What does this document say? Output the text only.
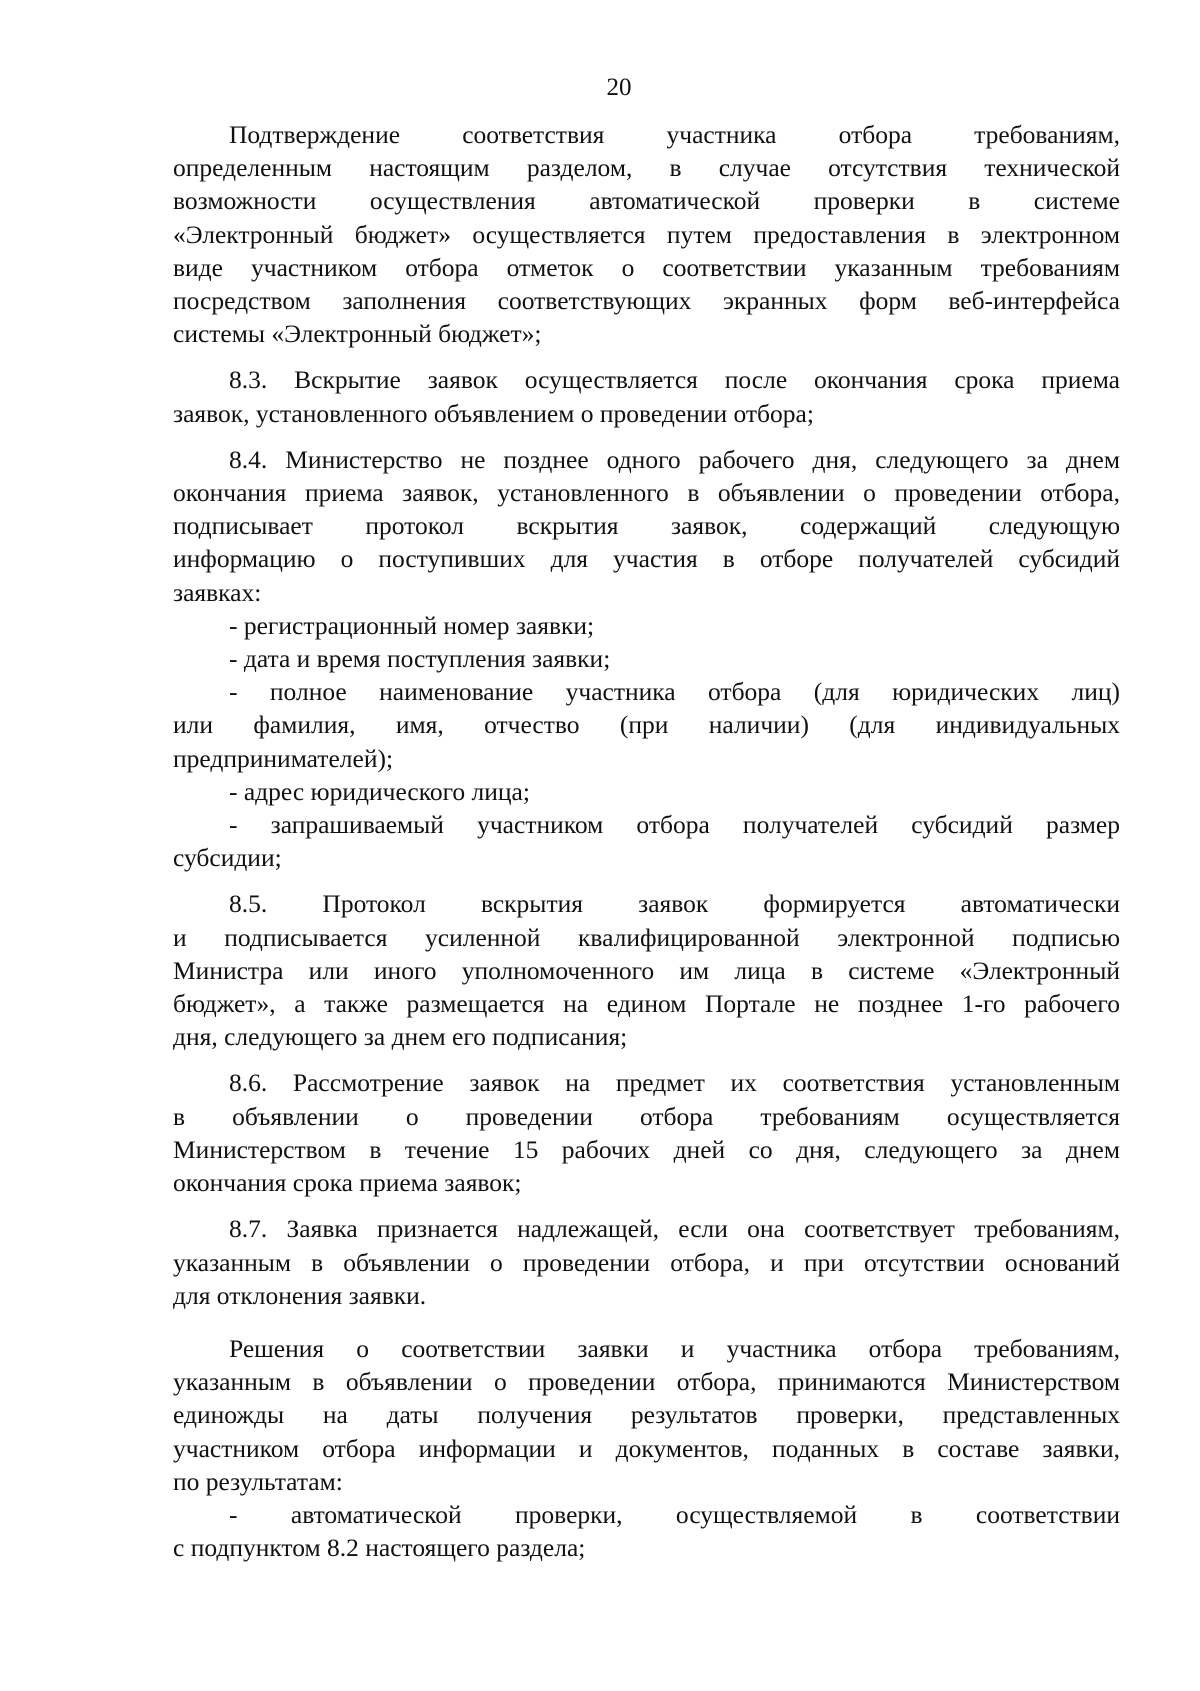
20
Подтверждение соответствия участника отбора требованиям,
определенным настоящим разделом, в случае отсутствия технической
возможности осуществления автоматической проверки в системе
«Электронный бюджет» осуществляется путем предоставления в электронном
виде участником отбора отметок о соответствии указанным требованиям
посредством заполнения соответствующих экранных форм веб-интерфейса
системы «Электронный бюджет»;
8.3. Вскрытие заявок осуществляется после окончания срока приема
заявок, установленного объявлением о проведении отбора;
8.4. Министерство не позднее одного рабочего дня, следующего за днем
окончания приема заявок, установленного в объявлении о проведении отбора,
подписывает протокол вскрытия заявок, содержащий следующую
информацию о поступивших для участия в отборе получателей субсидий
заявках:
- регистрационный номер заявки;
- дата и время поступления заявки;
- полное наименование участника отбора (для юридических лиц)
или фамилия, имя, отчество (при наличии) (для индивидуальных
предпринимателей);
- адрес юридического лица;
- запрашиваемый участником отбора получателей субсидий размер
субсидии;
8.5. Протокол вскрытия заявок формируется автоматически
и подписывается усиленной квалифицированной электронной подписью
Министра или иного уполномоченного им лица в системе «Электронный
бюджет», а также размещается на едином Портале не позднее 1-го рабочего
дня, следующего за днем его подписания;
8.6. Рассмотрение заявок на предмет их соответствия установленным
в объявлении о проведении отбора требованиям осуществляется
Министерством в течение 15 рабочих дней со дня, следующего за днем
окончания срока приема заявок;
8.7. Заявка признается надлежащей, если она соответствует требованиям,
указанным в объявлении о проведении отбора, и при отсутствии оснований
для отклонения заявки.
Решения о соответствии заявки и участника отбора требованиям,
указанным в объявлении о проведении отбора, принимаются Министерством
единожды на даты получения результатов проверки, представленных
участником отбора информации и документов, поданных в составе заявки,
по результатам:
- автоматической проверки, осуществляемой в соответствии
с подпунктом 8.2 настоящего раздела;
